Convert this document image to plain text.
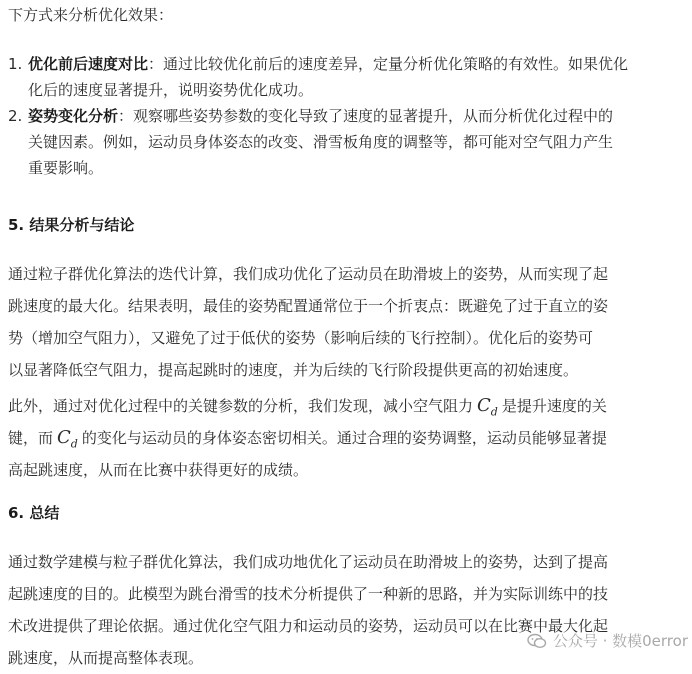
下方式来分析优化效果：
1. 优化前后速度对比：通过比较优化前后的速度差异，定量分析优化策略的有效性。如果优化
化后的速度显著提升，说明姿势优化成功。
2. 姿势变化分析：观察哪些姿势参数的变化导致了速度的显著提升，从而分析优化过程中的
关键因素。例如，运动员身体姿态的改变、滑雪板角度的调整等，都可能对空气阻力产生
重要影响。
5. 结果分析与结论
通过粒子群优化算法的迭代计算，我们成功优化了运动员在助滑坡上的姿势，从而实现了起
跳速度的最大化。结果表明，最佳的姿势配置通常位于一个折衷点：既避免了过于直立的姿
势（增加空气阻力），又避免了过于低伏的姿势（影响后续的飞行控制）。优化后的姿势可
以显著降低空气阻力，提高起跳时的速度，并为后续的飞行阶段提供更高的初始速度。
此外，通过对优化过程中的关键参数的分析，我们发现，减小空气阻力 $C_d$ 是提升速度的关
键，而 $C_d$ 的变化与运动员的身体姿态密切相关。通过合理的姿势调整，运动员能够显著提
高起跳速度，从而在比赛中获得更好的成绩。
6. 总结
通过数学建模与粒子群优化算法，我们成功地优化了运动员在助滑坡上的姿势，达到了提高
起跳速度的目的。此模型为跳台滑雪的技术分析提供了一种新的思路，并为实际训练中的技
术改进提供了理论依据。通过优化空气阻力和运动员的姿势，运动员可以在比赛中最大化起
跳速度，从而提高整体表现。
公众号 · 数模0error
